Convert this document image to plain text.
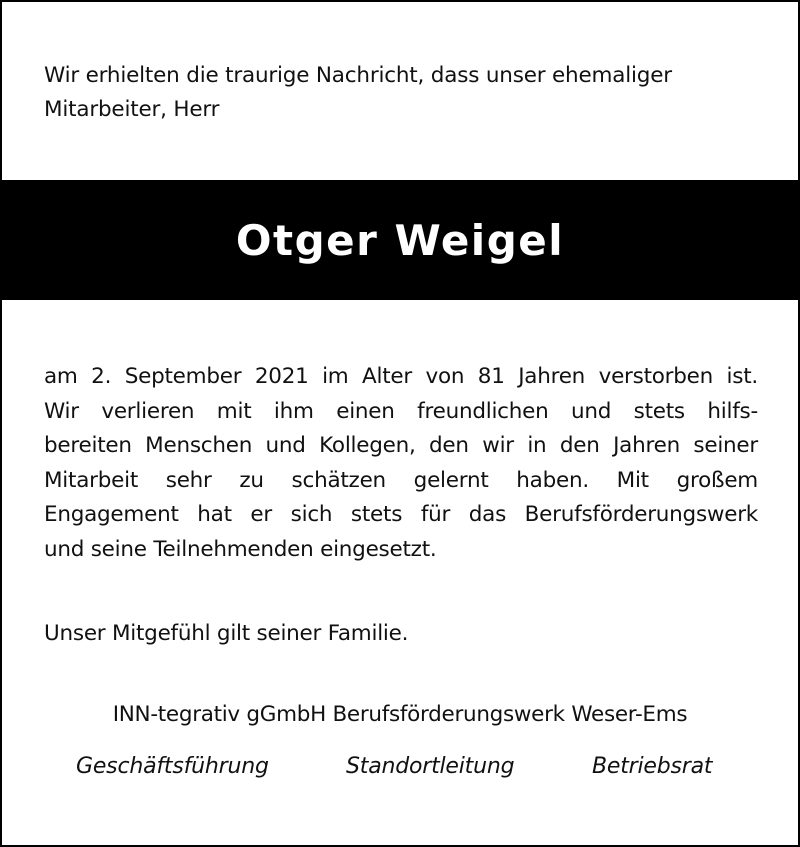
Wir erhielten die traurige Nachricht, dass unser ehemaliger
Mitarbeiter, Herr
Otger Weigel
am 2. September 2021 im Alter von 81 Jahren verstorben ist.
Wir verlieren mit ihm einen freundlichen und stets hilfs-
bereiten Menschen und Kollegen, den wir in den Jahren seiner
Mitarbeit sehr zu schätzen gelernt haben. Mit großem
Engagement hat er sich stets für das Berufsförderungswerk
und seine Teilnehmenden eingesetzt.
Unser Mitgefühl gilt seiner Familie.
INN-tegrativ gGmbH Berufsförderungswerk Weser-Ems
Geschäftsführung	Standortleitung	Betriebsrat
